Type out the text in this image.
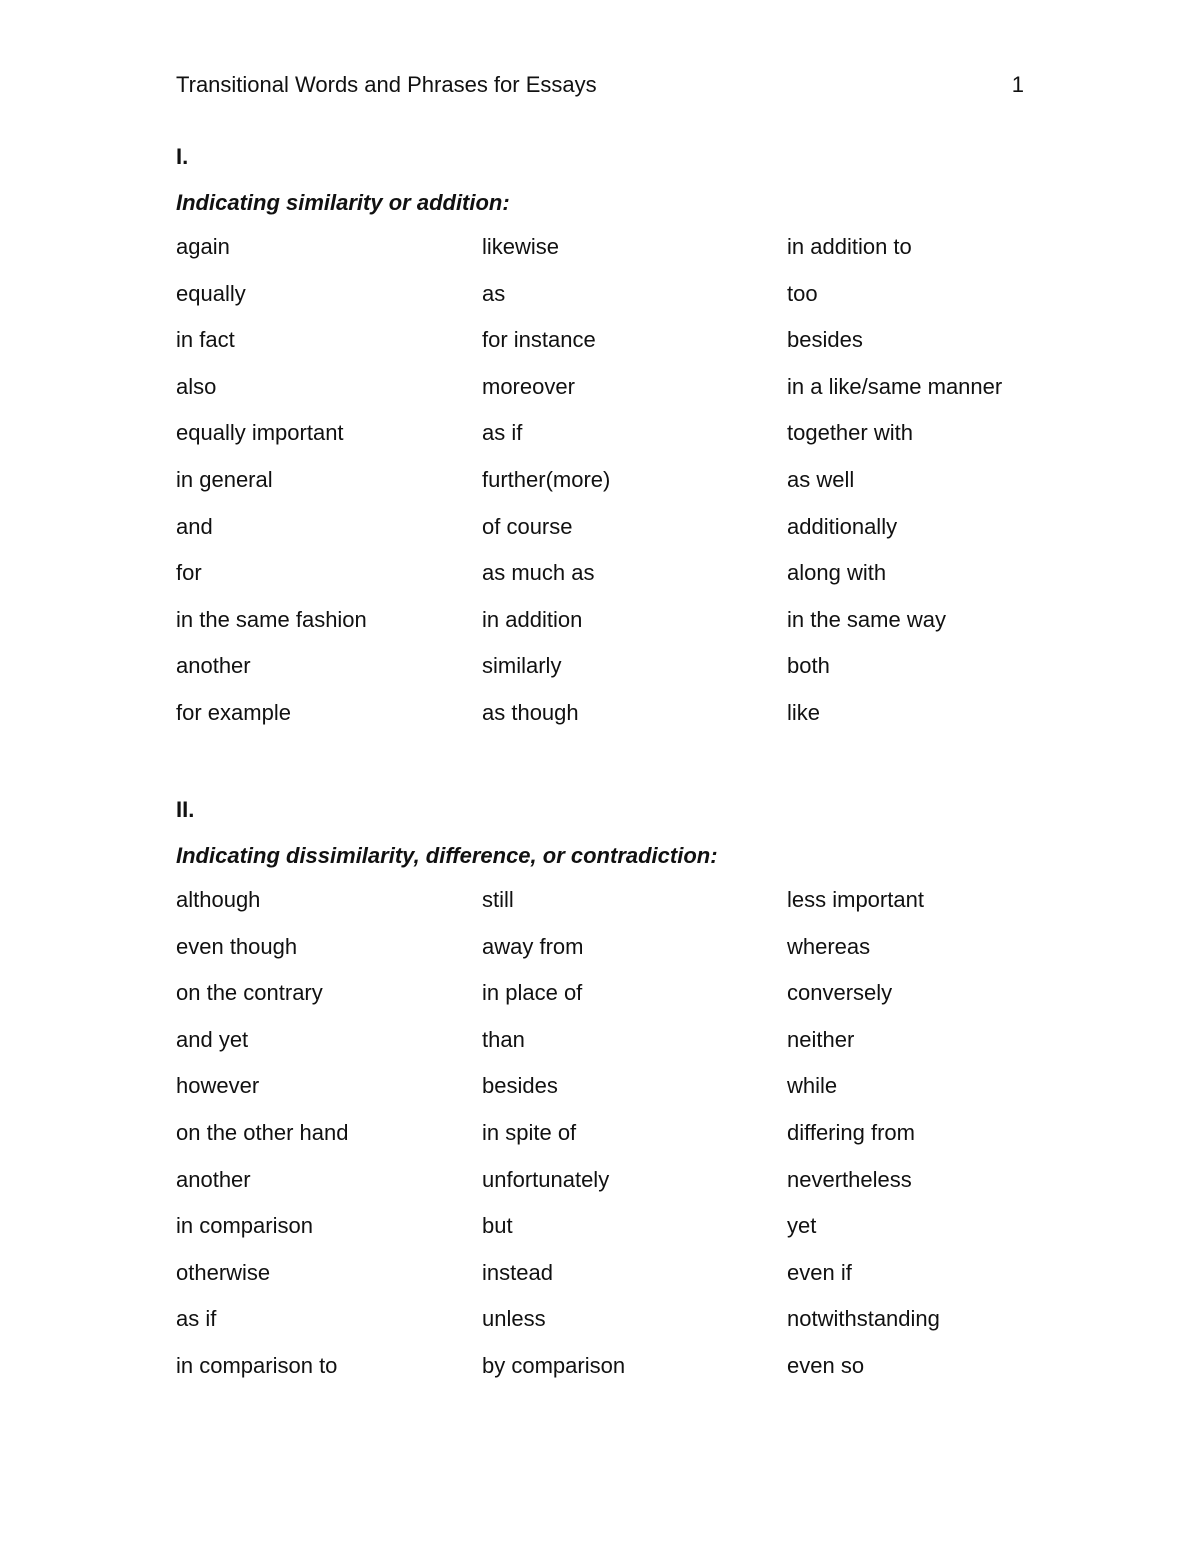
Transitional Words and Phrases for Essays	1
I.
Indicating similarity or addition:
again	likewise	in addition to
equally	as	too
in fact	for instance	besides
also	moreover	in a like/same manner
equally important	as if	together with
in general	further(more)	as well
and	of course	additionally
for	as much as	along with
in the same fashion	in addition	in the same way
another	similarly	both
for example	as though	like
II.
Indicating dissimilarity, difference, or contradiction:
although	still	less important
even though	away from	whereas
on the contrary	in place of	conversely
and yet	than	neither
however	besides	while
on the other hand	in spite of	differing from
another	unfortunately	nevertheless
in comparison	but	yet
otherwise	instead	even if
as if	unless	notwithstanding
in comparison to	by comparison	even so
